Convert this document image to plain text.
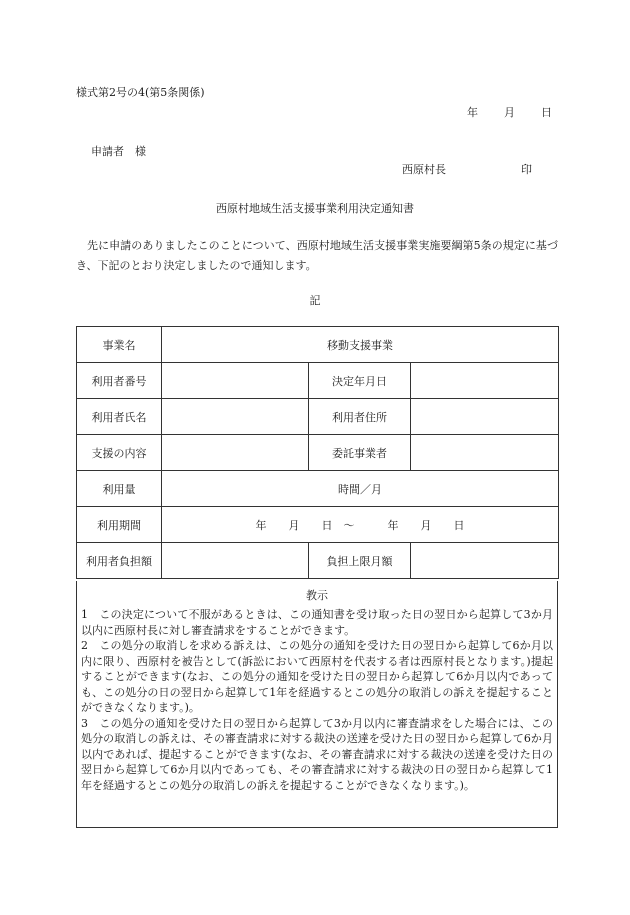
様式第2号の4(第5条関係)
年 月 日
申請者　様
西原村長	印
西原村地域生活支援事業利用決定通知書
　先に申請のありましたこのことについて、西原村地域生活支援事業実施要綱第5条の規定に基づき、下記のとおり決定しましたので通知します。
記
事業名	移動支援事業		
利用者番号		決定年月日	
利用者氏名		利用者住所	
支援の内容		委託事業者	
利用量	時間／月		
利用期間	年　　月　　日　～　　　年　　月　　日		
利用者負担額		負担上限月額	
教示
1　この決定について不服があるときは、この通知書を受け取った日の翌日から起算して3か月以内に西原村長に対し審査請求をすることができます。
2　この処分の取消しを求める訴えは、この処分の通知を受けた日の翌日から起算して6か月以内に限り、西原村を被告として(訴訟において西原村を代表する者は西原村長となります。)提起することができます(なお、この処分の通知を受けた日の翌日から起算して6か月以内であっても、この処分の日の翌日から起算して1年を経過するとこの処分の取消しの訴えを提起することができなくなります。)。
3　この処分の通知を受けた日の翌日から起算して3か月以内に審査請求をした場合には、この処分の取消しの訴えは、その審査請求に対する裁決の送達を受けた日の翌日から起算して6か月以内であれば、提起することができます(なお、その審査請求に対する裁決の送達を受けた日の翌日から起算して6か月以内であっても、その審査請求に対する裁決の日の翌日から起算して1年を経過するとこの処分の取消しの訴えを提起することができなくなります。)。
